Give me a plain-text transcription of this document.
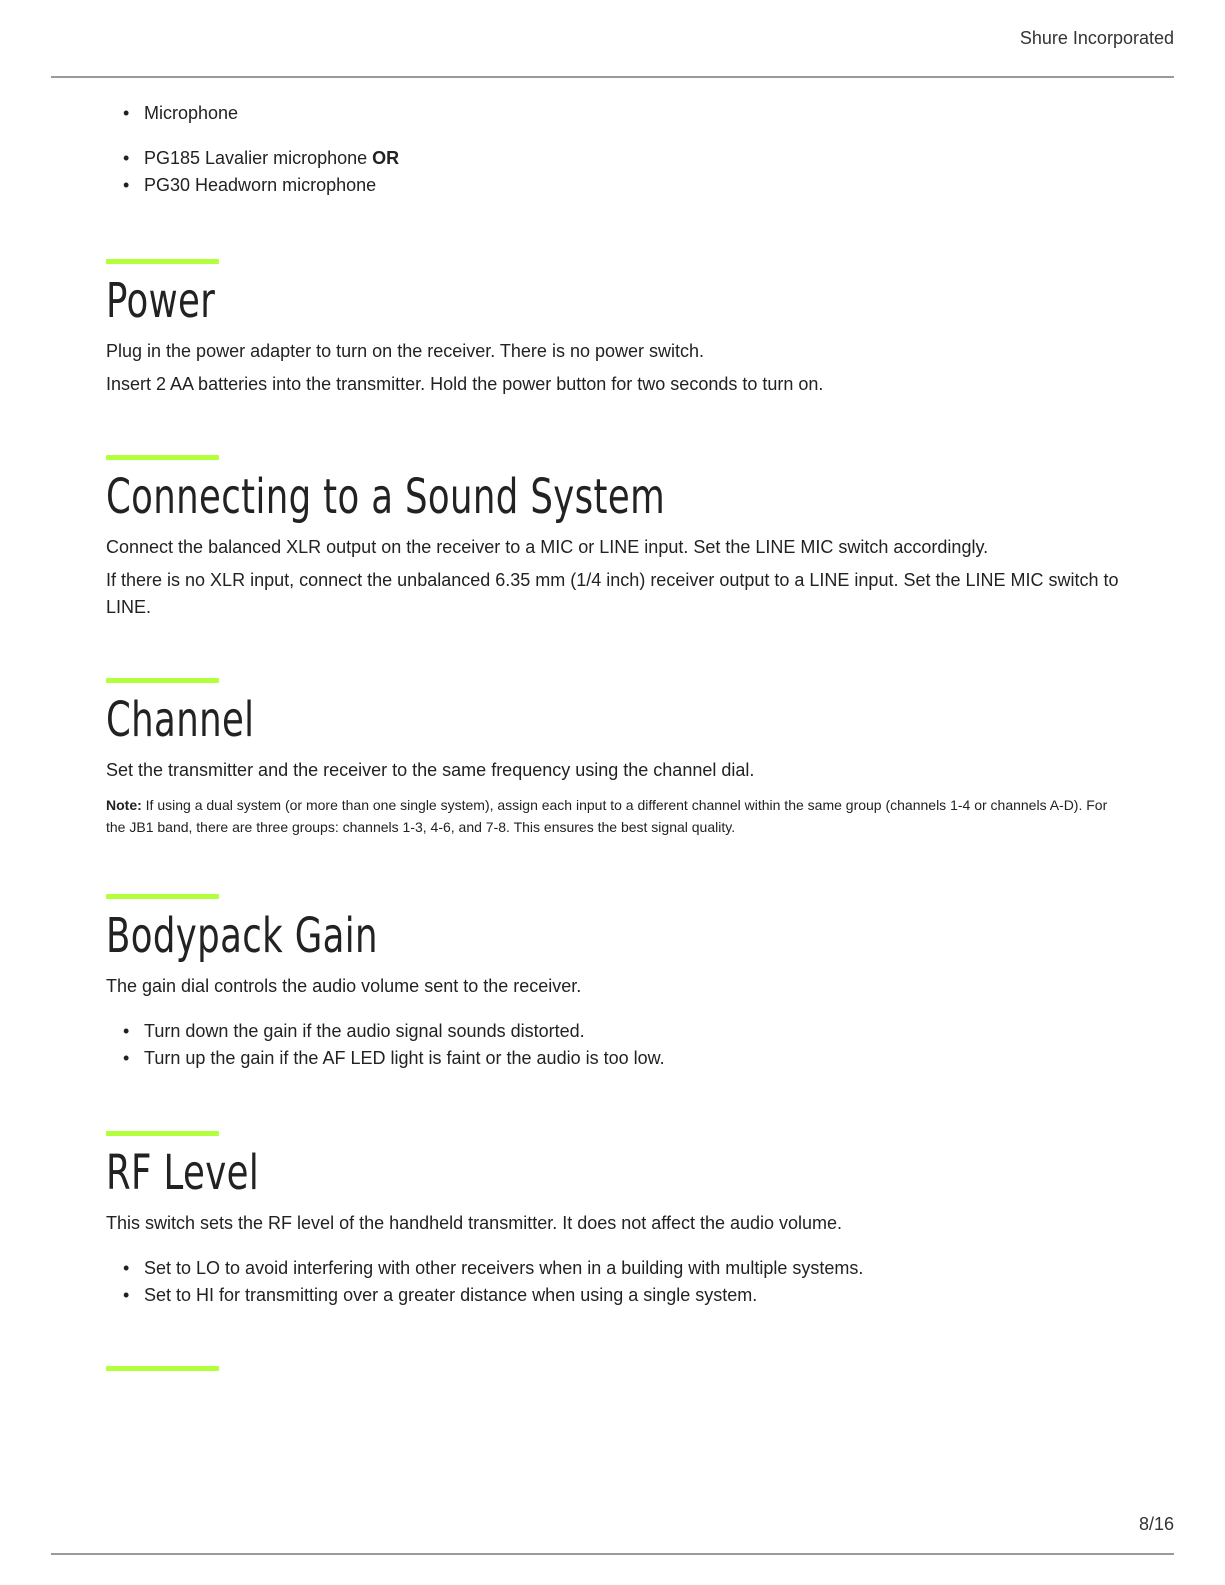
Shure Incorporated
• Microphone
• PG185 Lavalier microphone OR
• PG30 Headworn microphone
Power

Plug in the power adapter to turn on the receiver. There is no power switch.

Insert 2 AA batteries into the transmitter. Hold the power button for two seconds to turn on.

Connecting to a Sound System

Connect the balanced XLR output on the receiver to a MIC or LINE input. Set the LINE MIC switch accordingly.

If there is no XLR input, connect the unbalanced 6.35 mm (1/4 inch) receiver output to a LINE input. Set the LINE MIC switch to LINE.

Channel

Set the transmitter and the receiver to the same frequency using the channel dial.

Note: If using a dual system (or more than one single system), assign each input to a different channel within the same group (channels 1-4 or channels A-D). For the JB1 band, there are three groups: channels 1-3, 4-6, and 7-8. This ensures the best signal quality.

Bodypack Gain

The gain dial controls the audio volume sent to the receiver.

• Turn down the gain if the audio signal sounds distorted.
• Turn up the gain if the AF LED light is faint or the audio is too low.
RF Level

This switch sets the RF level of the handheld transmitter. It does not affect the audio volume.

• Set to LO to avoid interfering with other receivers when in a building with multiple systems.
• Set to HI for transmitting over a greater distance when using a single system.
8/16
